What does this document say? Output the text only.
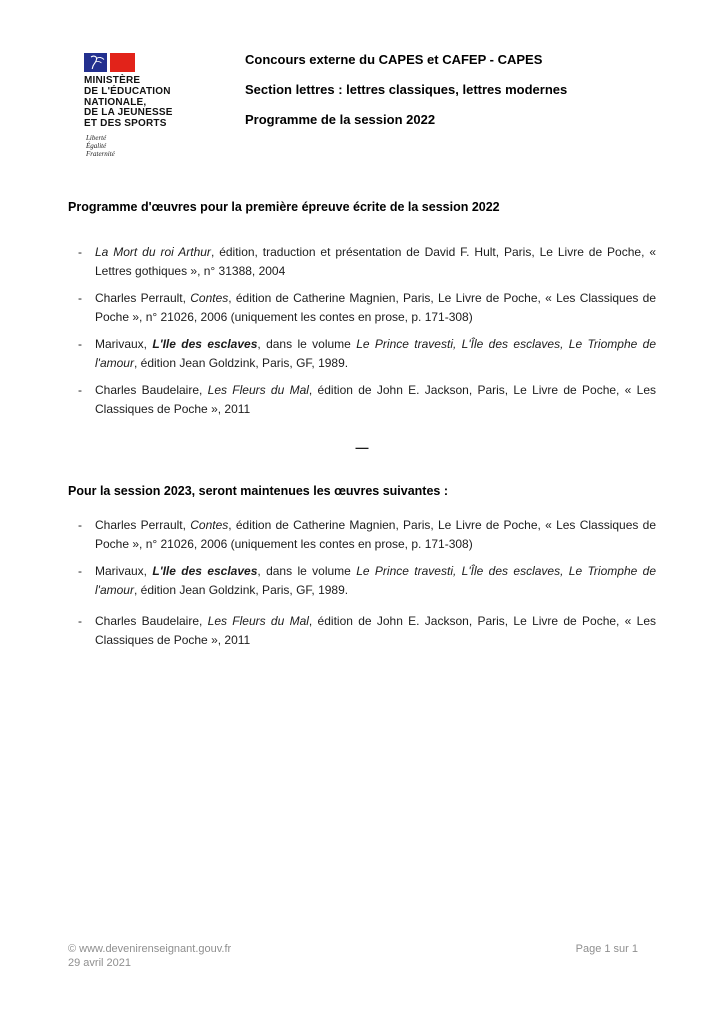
MINISTÈRE
DE L'ÉDUCATION
NATIONALE,
DE LA JEUNESSE
ET DES SPORTS
Liberté
Égalité
Fraternité
Concours externe du CAPES et CAFEP - CAPES
Section lettres : lettres classiques, lettres modernes
Programme de la session 2022
Programme d'œuvres pour la première épreuve écrite de la session 2022
-	La Mort du roi Arthur, édition, traduction et présentation de David F. Hult, Paris, Le Livre de Poche, « Lettres gothiques », n° 31388, 2004
-	Charles Perrault, Contes, édition de Catherine Magnien, Paris, Le Livre de Poche, « Les Classiques de Poche », n° 21026, 2006 (uniquement les contes en prose, p. 171-308)
-	Marivaux, L'Ile des esclaves, dans le volume Le Prince travesti, L'Île des esclaves, Le Triomphe de l'amour, édition Jean Goldzink, Paris, GF, 1989.
-	Charles Baudelaire, Les Fleurs du Mal, édition de John E. Jackson, Paris, Le Livre de Poche, « Les Classiques de Poche », 2011
—
Pour la session 2023, seront maintenues les œuvres suivantes :
-	Charles Perrault, Contes, édition de Catherine Magnien, Paris, Le Livre de Poche, « Les Classiques de Poche », n° 21026, 2006 (uniquement les contes en prose, p. 171-308)
-	Marivaux, L'Ile des esclaves, dans le volume Le Prince travesti, L'Île des esclaves, Le Triomphe de l'amour, édition Jean Goldzink, Paris, GF, 1989.
-	Charles Baudelaire, Les Fleurs du Mal, édition de John E. Jackson, Paris, Le Livre de Poche, « Les Classiques de Poche », 2011
© www.devenirenseignant.gouv.fr
29 avril 2021
Page 1 sur 1
